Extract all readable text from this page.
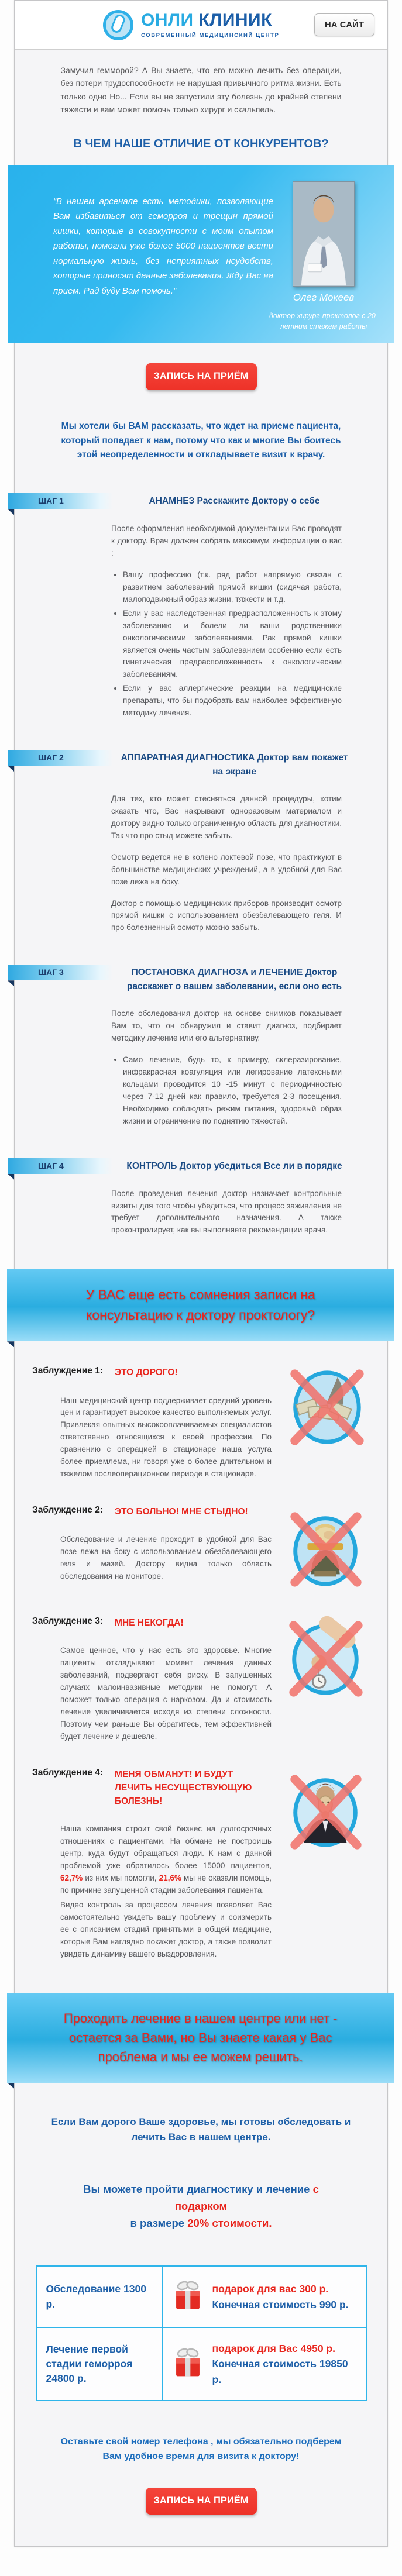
ОНЛИ КЛИНИК
СОВРЕМЕННЫЙ МЕДИЦИНСКИЙ ЦЕНТР
НА САЙТ

Замучил гемморой? А Вы знаете, что его можно лечить без операции, без потери трудоспособности не нарушая привычного ритма жизни. Есть только одно Но... Если вы не запустили эту болезнь до крайней степени тяжести и вам может помочь только хирург и скальпель.

В ЧЕМ НАШЕ ОТЛИЧИЕ ОТ КОНКУРЕНТОВ?

“В нашем арсенале есть методики, позволяющие Вам избавиться от геморроя и трещин прямой кишки, которые в совокупности с моим опытом работы, помогли уже более 5000 пациентов вести нормальную жизнь, без неприятных неудобств, которые приносят данные заболевания. Жду Вас на прием. Рад буду Вам помочь.”

Олег Мокеев
доктор хирург-проктолог с 20-летним стажем работы
ЗАПИСЬ НА ПРИЁМ

Мы хотели бы ВАМ рассказать, что ждет на приеме пациента, который попадает к нам, потому что как и многие Вы боитесь этой неопределенности и откладываете визит к врачу.

ШАГ 1	АНАМНЕЗ Расскажите Доктору о себе

После оформления необходимой документации Вас проводят к доктору. Врач должен собрать максимум информации о вас :

• Вашу профессию (т.к. ряд работ напрямую связан с развитием заболеваний прямой кишки (сидячая работа, малоподвижный образ жизни, тяжести и т.д.
• Если у вас наследственная предрасположенность к этому заболеванию и болели ли ваши родственники онкологическими заболеваниями. Рак прямой кишки является очень частым заболеванием особенно если есть гинетическая предрасположенность к онкологическим заболеваниям.
• Если у вас аллергические реакции на медицинские препараты, что бы подобрать вам наиболее эффективную методику лечения.
ШАГ 2	АППАРАТНАЯ ДИАГНОСТИКА Доктор вам покажет на экране

Для тех, кто может стесняться данной процедуры, хотим сказать что, Вас накрывают одноразовым материалом и доктору видно только ограниченную область для диагностики. Так что про стыд можете забыть.

Осмотр ведется не в колено локтевой позе, что практикуют в большинстве медицинских учреждений, а в удобной для Вас позе лежа на боку.

Доктор с помощью медицинских приборов производит осмотр прямой кишки с использованием обезбалевающего геля. И про болезненный осмотр можно забыть.

ШАГ 3	ПОСТАНОВКА ДИАГНОЗА и ЛЕЧЕНИЕ Доктор расскажет о вашем заболевании, если оно есть

После обследования доктор на основе снимков показывает Вам то, что он обнаружил и ставит диагноз, подбирает методику лечение или его альтернативу.

• Само лечение, будь то, к примеру, склеразирование, инфракрасная коагуляция или легирование латексными кольцами проводится 10 -15 минут с периодичностью через 7-12 дней как правило, требуется 2-3 посещения. Необходимо соблюдать режим питания, здоровый образ жизни и ограничение по поднятию тяжестей.
ШАГ 4	КОНТРОЛЬ Доктор убедиться Все ли в порядке

После проведения лечения доктор назначает контрольные визиты для того чтобы убедиться, что процесс заживления не требует дополнительного назначения. А также проконтролирует, как вы выполняете рекомендации врача.

У ВАС еще есть сомнения записи на консультацию к доктору проктологу?
Заблуждение 1: ЭТО ДОРОГО!

Наш медицинский центр поддерживает средний уровень цен и гарантирует высокое качество выполняемых услуг. Привлекая опытных высокооплачиваемых специалистов ответственно относящихся к своей профессии. По сравнению с операцией в стационаре наша услуга более приемлема, ни говоря уже о более длительном и тяжелом послеоперационном периоде в стационаре.

Заблуждение 2: ЭТО БОЛЬНО! МНЕ СТЫДНО!

Обследование и лечение проходит в удобной для Вас позе лежа на боку с использованием обезбалевающего геля и мазей. Доктору видна только область обследования на мониторе.

Заблуждение 3: МНЕ НЕКОГДА!

Самое ценное, что у нас есть это здоровье. Многие пациенты откладывают момент лечения данных заболеваний, подвергают себя риску. В запушенных случаях малоинвазивные методики не помогут. А поможет только операция с наркозом. Да и стоимость лечение увеличивается исходя из степени сложности. Поэтому чем раньше Вы обратитесь, тем эффективней будет лечение и дешевле.

Заблуждение 4: МЕНЯ ОБМАНУТ! И БУДУТ ЛЕЧИТЬ НЕСУЩЕСТВУЮЩУЮ БОЛЕЗНЬ!

Наша компания строит свой бизнес на долгосрочных отношениях с пациентами. На обмане не построишь центр, куда будут обращаться люди. К нам с данной проблемой уже обратилось более 15000 пациентов, 62,7% из них мы помогли, 21,6% мы не оказали помощь, по причине запущенной стадии заболевания пациента.

Видео контроль за процессом лечения позволяет Вас самостоятельно увидеть вашу проблему и соизмерить ее с описанием стадий принятыми в общей медицине, которые Вам наглядно покажет доктор, а также позволит увидеть динамику вашего выздоровления.

Проходить лечение в нашем центре или нет - остается за Вами, но Вы знаете какая у Вас проблема и мы ее можем решить.

Если Вам дорого Ваше здоровье, мы готовы обследовать и лечить Вас в нашем центре.

Вы можете пройти диагностику и лечение с подарком
в размере 20% стоимости.

Обследование 1300 р.	подарок для вас 300 р.
Конечная стоимость 990 р.

Лечение первой стадии геморроя 24800 р.	подарок для Вас 4950 р.
Конечная стоимость 19850 р.

Оставьте свой номер телефона , мы обязательно подберем Вам удобное время для визита к доктору!

ЗАПИСЬ НА ПРИЁМ
